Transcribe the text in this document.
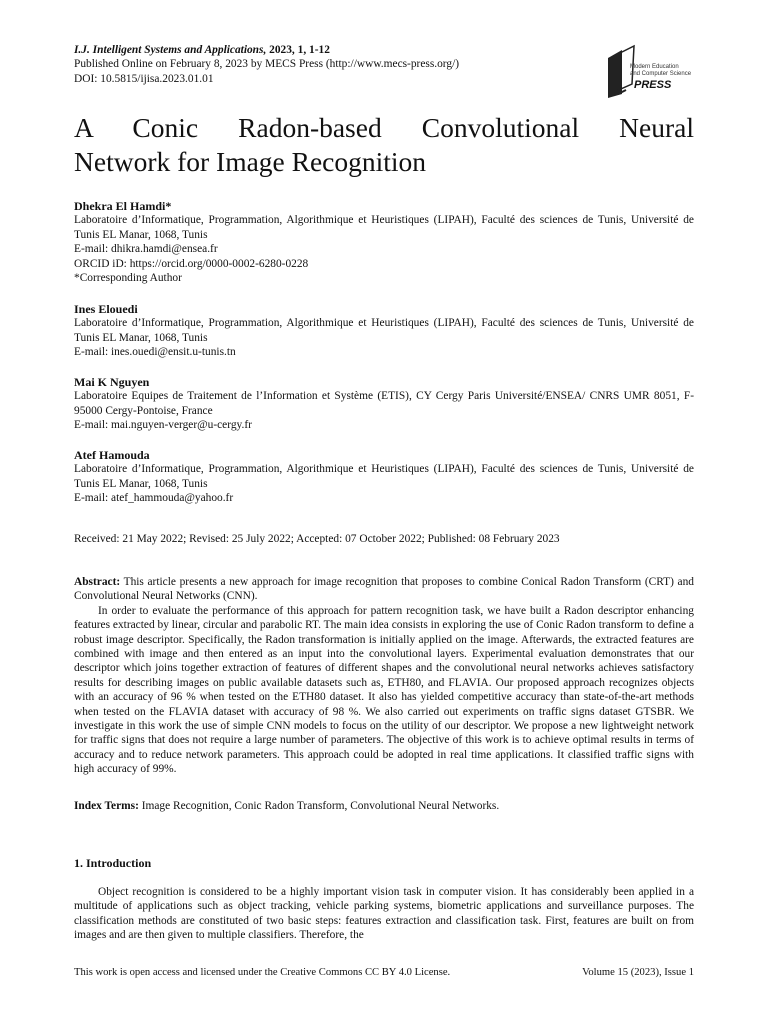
I.J. Intelligent Systems and Applications, 2023, 1, 1-12
Published Online on February 8, 2023 by MECS Press (http://www.mecs-press.org/)
DOI: 10.5815/ijisa.2023.01.01
Modern Education
and Computer Science
PRESS
A Conic Radon-based Convolutional Neural
Network for Image Recognition
Dhekra El Hamdi*
Laboratoire d’Informatique, Programmation, Algorithmique et Heuristiques (LIPAH), Faculté des sciences de Tunis, Université de Tunis EL Manar, 1068, Tunis
E-mail: dhikra.hamdi@ensea.fr
ORCID iD: https://orcid.org/0000-0002-6280-0228
*Corresponding Author
Ines Elouedi
Laboratoire d’Informatique, Programmation, Algorithmique et Heuristiques (LIPAH), Faculté des sciences de Tunis, Université de Tunis EL Manar, 1068, Tunis
E-mail: ines.ouedi@ensit.u-tunis.tn
Mai K Nguyen
Laboratoire Equipes de Traitement de l’Information et Système (ETIS), CY Cergy Paris Université/ENSEA/ CNRS UMR 8051, F-95000 Cergy-Pontoise, France
E-mail: mai.nguyen-verger@u-cergy.fr
Atef Hamouda
Laboratoire d’Informatique, Programmation, Algorithmique et Heuristiques (LIPAH), Faculté des sciences de Tunis, Université de Tunis EL Manar, 1068, Tunis
E-mail: atef_hammouda@yahoo.fr
Received: 21 May 2022; Revised: 25 July 2022; Accepted: 07 October 2022; Published: 08 February 2023

Abstract: This article presents a new approach for image recognition that proposes to combine Conical Radon Transform (CRT) and Convolutional Neural Networks (CNN).

In order to evaluate the performance of this approach for pattern recognition task, we have built a Radon descriptor enhancing features extracted by linear, circular and parabolic RT. The main idea consists in exploring the use of Conic Radon transform to define a robust image descriptor. Specifically, the Radon transformation is initially applied on the image. Afterwards, the extracted features are combined with image and then entered as an input into the convolutional layers. Experimental evaluation demonstrates that our descriptor which joins together extraction of features of different shapes and the convolutional neural networks achieves satisfactory results for describing images on public available datasets such as, ETH80, and FLAVIA. Our proposed approach recognizes objects with an accuracy of 96 % when tested on the ETH80 dataset. It also has yielded competitive accuracy than state-of-the-art methods when tested on the FLAVIA dataset with accuracy of 98 %. We also carried out experiments on traffic signs dataset GTSBR. We investigate in this work the use of simple CNN models to focus on the utility of our descriptor. We propose a new lightweight network for traffic signs that does not require a large number of parameters. The objective of this work is to achieve optimal results in terms of accuracy and to reduce network parameters. This approach could be adopted in real time applications. It classified traffic signs with high accuracy of 99%.

Index Terms: Image Recognition, Conic Radon Transform, Convolutional Neural Networks.
1. Introduction
Object recognition is considered to be a highly important vision task in computer vision. It has considerably been applied in a multitude of applications such as object tracking, vehicle parking systems, biometric applications and surveillance purposes. The classification methods are constituted of two basic steps: features extraction and classification task. First, features are built on from images and are then given to multiple classifiers. Therefore, the
This work is open access and licensed under the Creative Commons CC BY 4.0 License.	Volume 15 (2023), Issue 1
